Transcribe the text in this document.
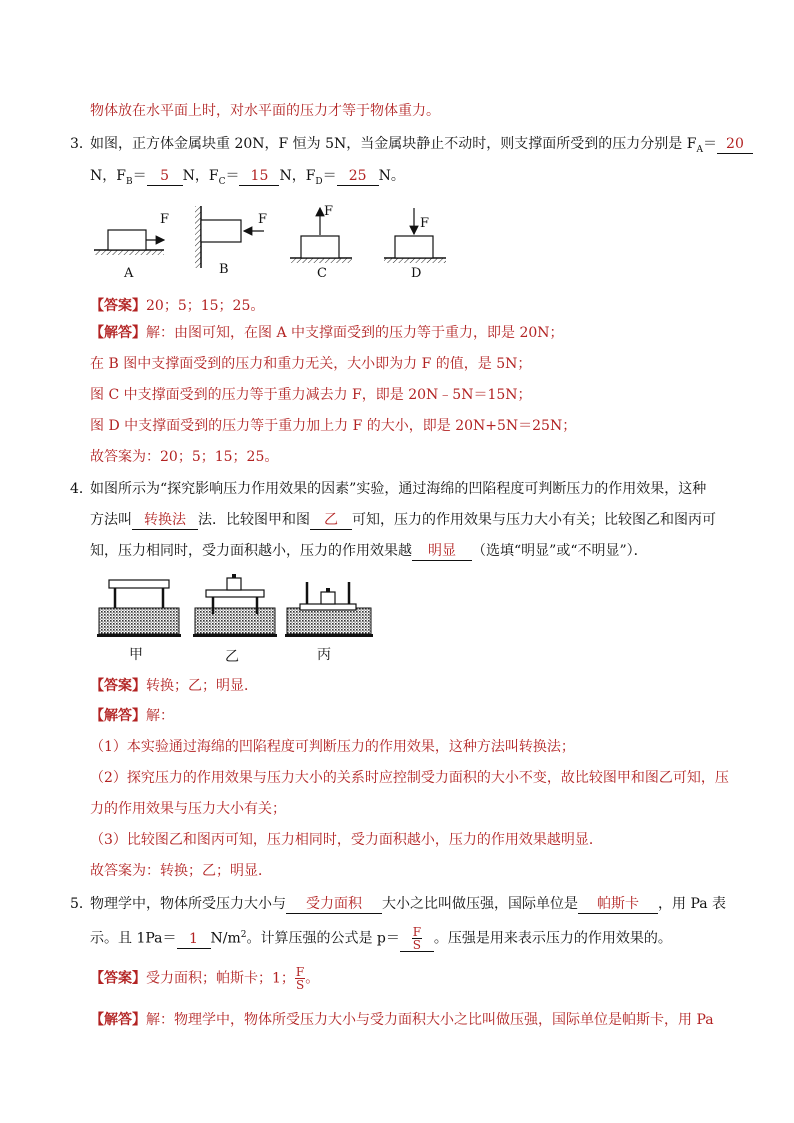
物体放在水平面上时，对水平面的压力才等于物体重力。
3．
如图，正方体金属块重 20N，F 恒为 5N，当金属块静止不动时，则支撑面所受到的压力分别是 $F_A= 20$
N，$F_B= 5$ N，$F_C= 15$ N，$F_D= 25$ N。
F	F
F
F
A	B	C	D
【答案】20；5；15；25。
【解答】解：由图可知，在图 A 中支撑面受到的压力等于重力，即是 20N；
在 B 图中支撑面受到的压力和重力无关，大小即为力 F 的值，是 5N；
图 C 中支撑面受到的压力等于重力减去力 F，即是 20N﹣5N＝15N；
图 D 中支撑面受到的压力等于重力加上力 F 的大小，即是 20N+5N＝25N；
故答案为：20；5；15；25。
4．
如图所示为“探究影响压力作用效果的因素”实验，通过海绵的凹陷程度可判断压力的作用效果，这种
方法叫 转换法 法．比较图甲和图 乙 可知，压力的作用效果与压力大小有关；比较图乙和图丙可
知，压力相同时，受力面积越小，压力的作用效果越 明显 （选填“明显”或“不明显”）．
甲	乙	丙
【答案】转换；乙；明显．
【解答】解：
（1）本实验通过海绵的凹陷程度可判断压力的作用效果，这种方法叫转换法；
（2）探究压力的作用效果与压力大小的关系时应控制受力面积的大小不变，故比较图甲和图乙可知，压
力的作用效果与压力大小有关；
（3）比较图乙和图丙可知，压力相同时，受力面积越小，压力的作用效果越明显．
故答案为：转换；乙；明显．
5．
物理学中，物体所受压力大小与 受力面积 大小之比叫做压强，国际单位是 帕斯卡 ，用 Pa 表
示。且 1Pa＝ 1 $N/m^2$。计算压强的公式是 $p= \frac{F}{S}$ 。压强是用来表示压力的作用效果的。
【答案】受力面积；帕斯卡；1； $\frac{F}{S}$ 。
【解答】解：物理学中，物体所受压力大小与受力面积大小之比叫做压强，国际单位是帕斯卡，用 Pa
